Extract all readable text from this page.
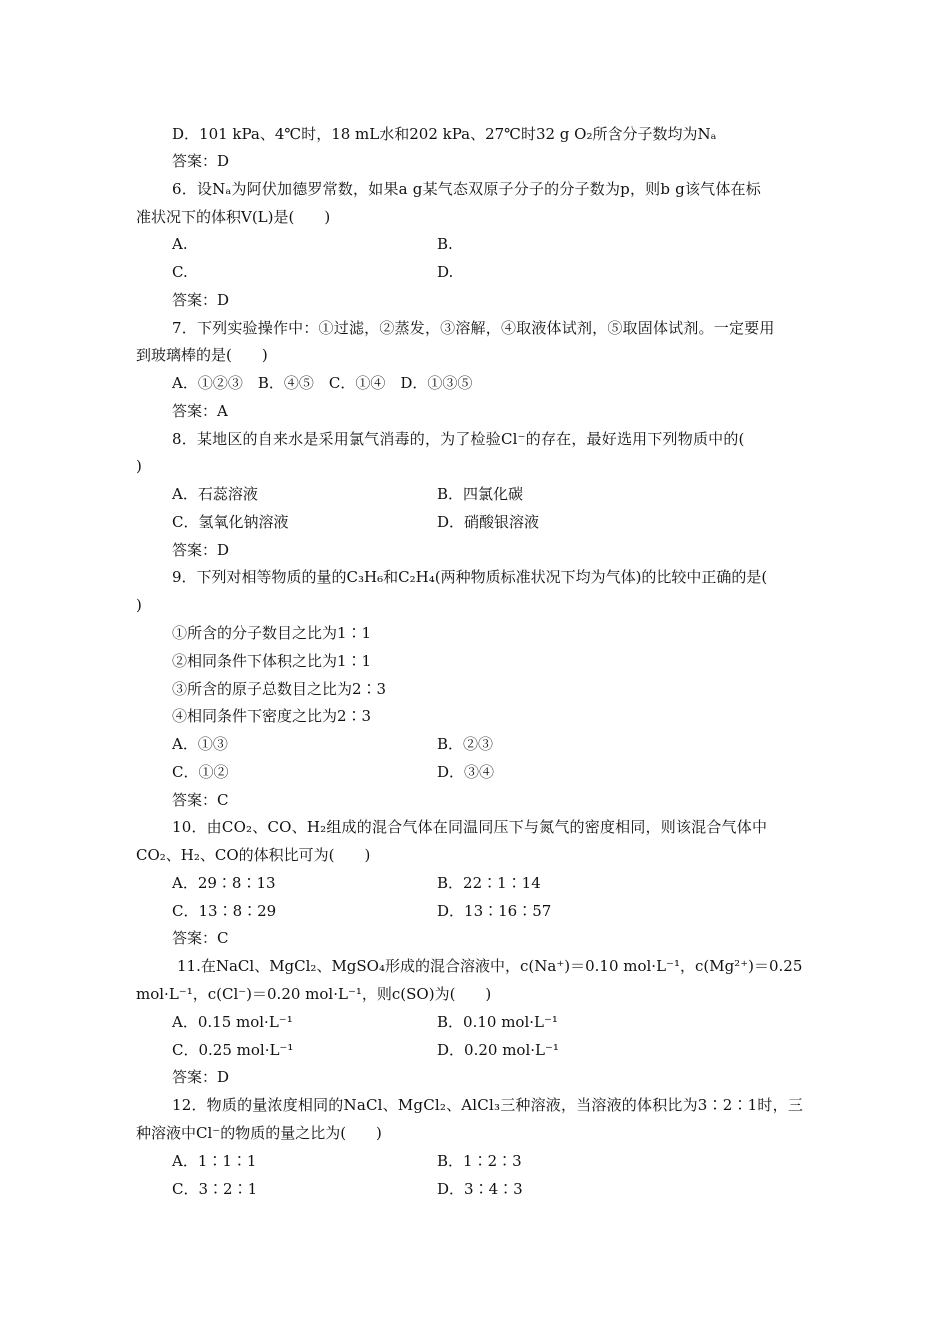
D．101 kPa、4℃时，18 mL水和202 kPa、27℃时32 g O₂所含分子数均为Nₐ
答案：D
6．设Nₐ为阿伏加德罗常数，如果a g某气态双原子分子的分子数为p，则b g该气体在标
准状况下的体积V(L)是(　　)
A.	B.
C.	D.
答案：D
7．下列实验操作中：①过滤，②蒸发，③溶解，④取液体试剂，⑤取固体试剂。一定要用
到玻璃棒的是(　　)
A．①②③　B．④⑤　C．①④　D．①③⑤
答案：A
8．某地区的自来水是采用氯气消毒的，为了检验Cl⁻的存在，最好选用下列物质中的(
)
A．石蕊溶液	B．四氯化碳
C．氢氧化钠溶液	D．硝酸银溶液
答案：D
9．下列对相等物质的量的C₃H₆和C₂H₄(两种物质标准状况下均为气体)的比较中正确的是(
)
①所含的分子数目之比为1∶1
②相同条件下体积之比为1∶1
③所含的原子总数目之比为2∶3
④相同条件下密度之比为2∶3
A．①③	B．②③
C．①②	D．③④
答案：C
10．由CO₂、CO、H₂组成的混合气体在同温同压下与氮气的密度相同，则该混合气体中
CO₂、H₂、CO的体积比可为(　　)
A．29∶8∶13	B．22∶1∶14
C．13∶8∶29	D．13∶16∶57
答案：C
11.在NaCl、MgCl₂、MgSO₄形成的混合溶液中，c(Na⁺)＝0.10 mol·L⁻¹，c(Mg²⁺)＝0.25
mol·L⁻¹，c(Cl⁻)＝0.20 mol·L⁻¹，则c(SO)为(　　)
A．0.15 mol·L⁻¹	B．0.10 mol·L⁻¹
C．0.25 mol·L⁻¹	D．0.20 mol·L⁻¹
答案：D
12．物质的量浓度相同的NaCl、MgCl₂、AlCl₃三种溶液，当溶液的体积比为3∶2∶1时，三
种溶液中Cl⁻的物质的量之比为(　　)
A．1∶1∶1	B．1∶2∶3
C．3∶2∶1	D．3∶4∶3
